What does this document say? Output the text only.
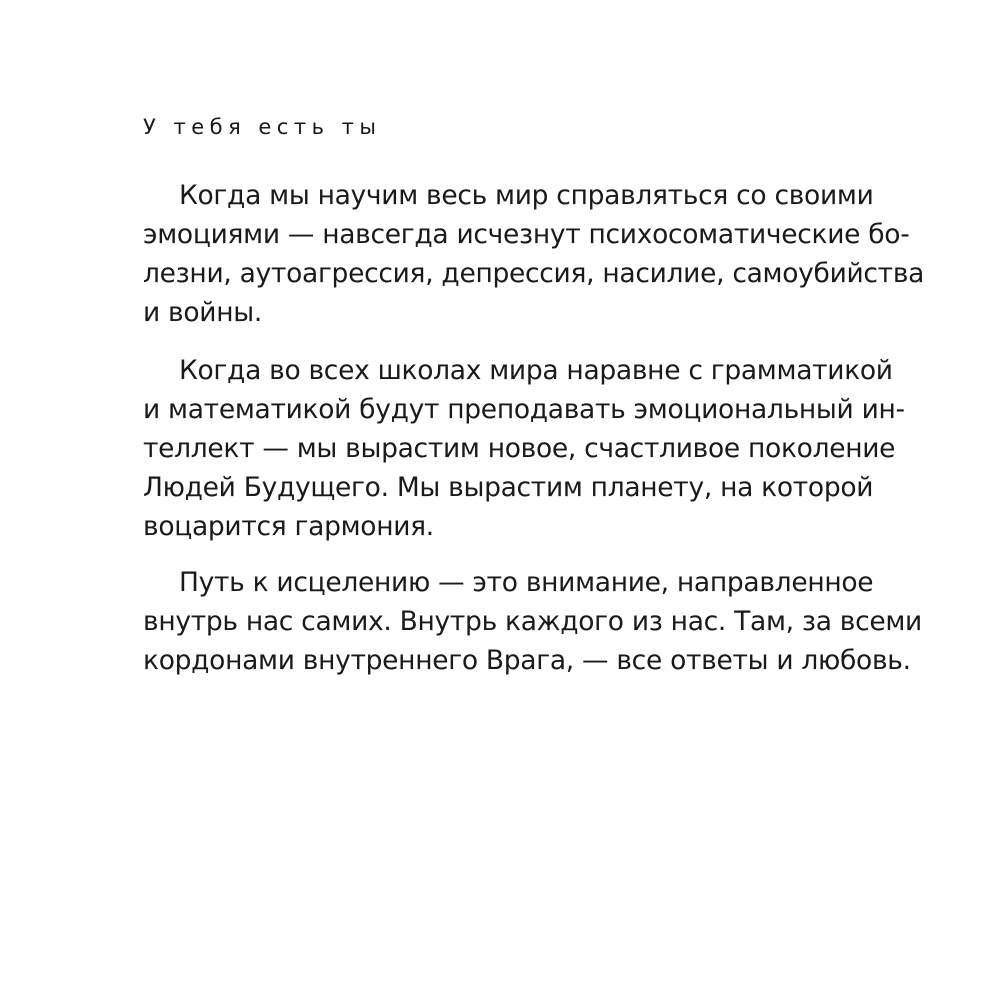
У тебя есть ты
Когда мы научим весь мир справляться со своими
эмоциями — навсегда исчезнут психосоматические бо-
лезни, аутоагрессия, депрессия, насилие, самоубийства
и войны.
Когда во всех школах мира наравне с грамматикой
и математикой будут преподавать эмоциональный ин-
теллект — мы вырастим новое, счастливое поколение
Людей Будущего. Мы вырастим планету, на которой
воцарится гармония.
Путь к исцелению — это внимание, направленное
внутрь нас самих. Внутрь каждого из нас. Там, за всеми
кордонами внутреннего Врага, — все ответы и любовь.
